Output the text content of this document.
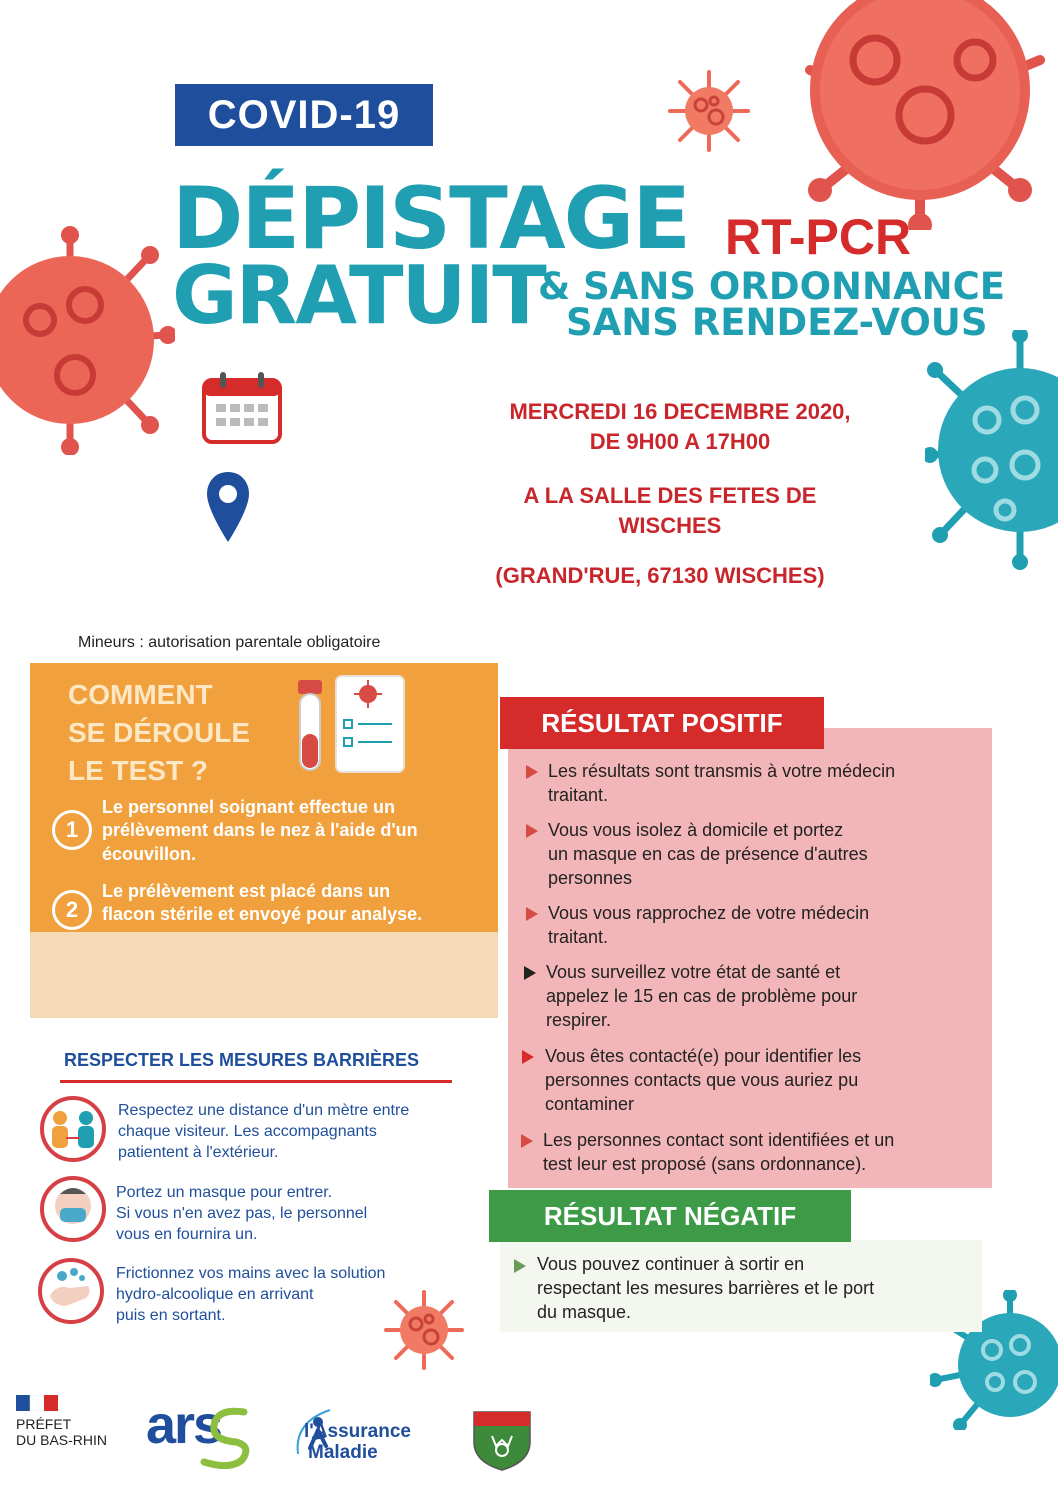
COVID-19
DÉPISTAGE RT-PCR
GRATUIT
& SANS ORDONNANCE
SANS RENDEZ-VOUS
MERCREDI 16 DECEMBRE 2020,
DE 9H00 A 17H00
A LA SALLE DES FETES DE
WISCHES
(GRAND'RUE, 67130 WISCHES)
Mineurs : autorisation parentale obligatoire
COMMENT
SE DÉROULE
LE TEST ?
1
Le personnel soignant effectue un
prélèvement dans le nez à l'aide d'un
écouvillon.
2
Le prélèvement est placé dans un
flacon stérile et envoyé pour analyse.
RÉSULTAT POSITIF
Les résultats sont transmis à votre médecin
traitant.
Vous vous isolez à domicile et portez
un masque en cas de présence d'autres
personnes
Vous vous rapprochez de votre médecin
traitant.
Vous surveillez votre état de santé et
appelez le 15 en cas de problème pour
respirer.
Vous êtes contacté(e) pour identifier les
personnes contacts que vous auriez pu
contaminer
Les personnes contact sont identifiées et un
test leur est proposé (sans ordonnance).
RÉSULTAT NÉGATIF
Vous pouvez continuer à sortir en
respectant les mesures barrières et le port
du masque.
RESPECTER LES MESURES BARRIÈRES
Respectez une distance d'un mètre entre
chaque visiteur. Les accompagnants
patientent à l'extérieur.
Portez un masque pour entrer.
Si vous n'en avez pas, le personnel
vous en fournira un.
Frictionnez vos mains avec la solution
hydro-alcoolique en arrivant
puis en sortant.
PRÉFET
DU BAS-RHIN ars	l'Assurance
Maladie
